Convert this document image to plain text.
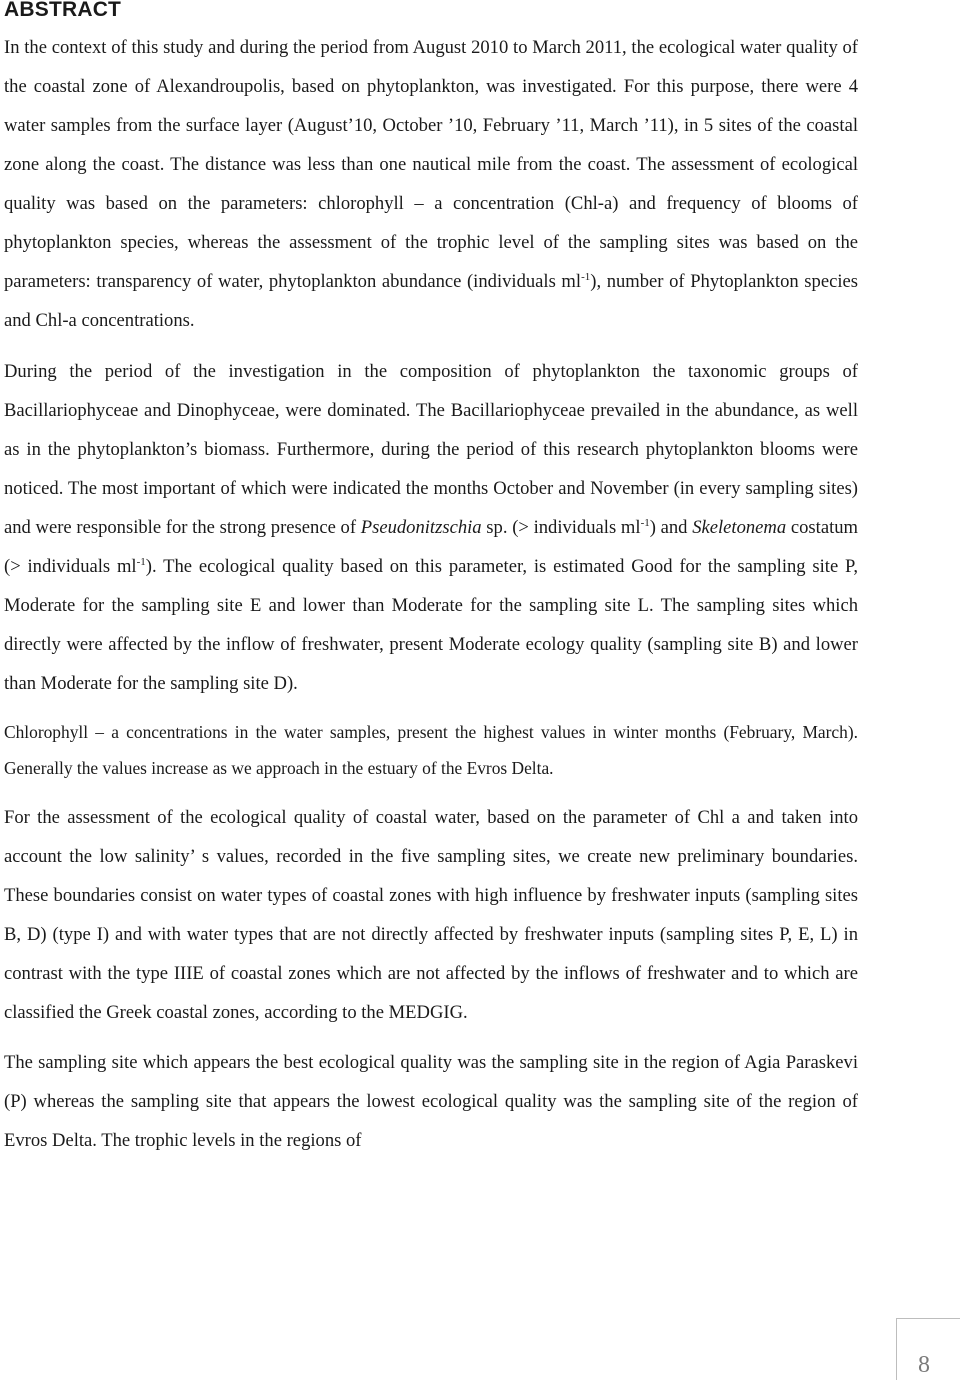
ABSTRACT

In the context of this study and during the period from August 2010 to March 2011, the ecological water quality of the coastal zone of Alexandroupolis, based on phytoplankton, was investigated. For this purpose, there were 4 water samples from the surface layer (August’10, October ’10, February ’11, March ’11), in 5 sites of the coastal zone along the coast. The distance was less than one nautical mile from the coast. The assessment of ecological quality was based on the parameters: chlorophyll – a concentration (Chl-a) and frequency of blooms of phytoplankton species, whereas the assessment of the trophic level of the sampling sites was based on the parameters: transparency of water, phytoplankton abundance (individuals $ml^{-1}$), number of Phytoplankton species and Chl-a concentrations.

During the period of the investigation in the composition of phytoplankton the taxonomic groups of Bacillariophyceae and Dinophyceae, were dominated. The Bacillariophyceae prevailed in the abundance, as well as in the phytoplankton’s biomass. Furthermore, during the period of this research phytoplankton blooms were noticed. The most important of which were indicated the months October and November (in every sampling sites) and were responsible for the strong presence of Pseudonitzschia sp. (> individuals $ml^{-1}$) and Skeletonema costatum (> individuals $ml^{-1}$). The ecological quality based on this parameter, is estimated Good for the sampling site P, Moderate for the sampling site E and lower than Moderate for the sampling site L. The sampling sites which directly were affected by the inflow of freshwater, present Moderate ecology quality (sampling site B) and lower than Moderate for the sampling site D).

Chlorophyll – a concentrations in the water samples, present the highest values in winter months (February, March). Generally the values increase as we approach in the estuary of the Evros Delta.

For the assessment of the ecological quality of coastal water, based on the parameter of Chl a and taken into account the low salinity’ s values, recorded in the five sampling sites, we create new preliminary boundaries. These boundaries consist on water types of coastal zones with high influence by freshwater inputs (sampling sites B, D) (type I) and with water types that are not directly affected by freshwater inputs (sampling sites P, E, L) in contrast with the type IIIE of coastal zones which are not affected by the inflows of freshwater and to which are classified the Greek coastal zones, according to the MEDGIG.

The sampling site which appears the best ecological quality was the sampling site in the region of Agia Paraskevi (P) whereas the sampling site that appears the lowest ecological quality was the sampling site of the region of Evros Delta. The trophic levels in the regions of

8
